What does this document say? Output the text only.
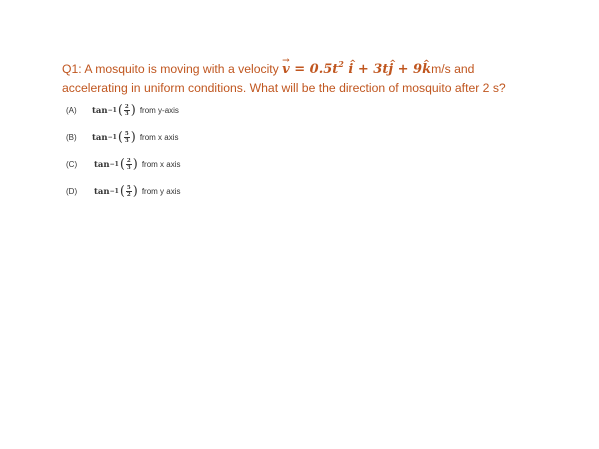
Q1: A mosquito is moving with a velocity → $v = 0.5t^2$ ^ i + 3t^ j + 9^ km/s and accelerating in uniform conditions. What will be the direction of mosquito after 2 s?
(A)	tan −1 ( $\frac{2}{3}$ ) from y-axis
(B)	tan −1 ( $\frac{5}{3}$ ) from x axis
(C)	tan −1 ( $\frac{2}{3}$ ) from x axis
(D)	tan −1 ( $\frac{5}{2}$ ) from y axis
